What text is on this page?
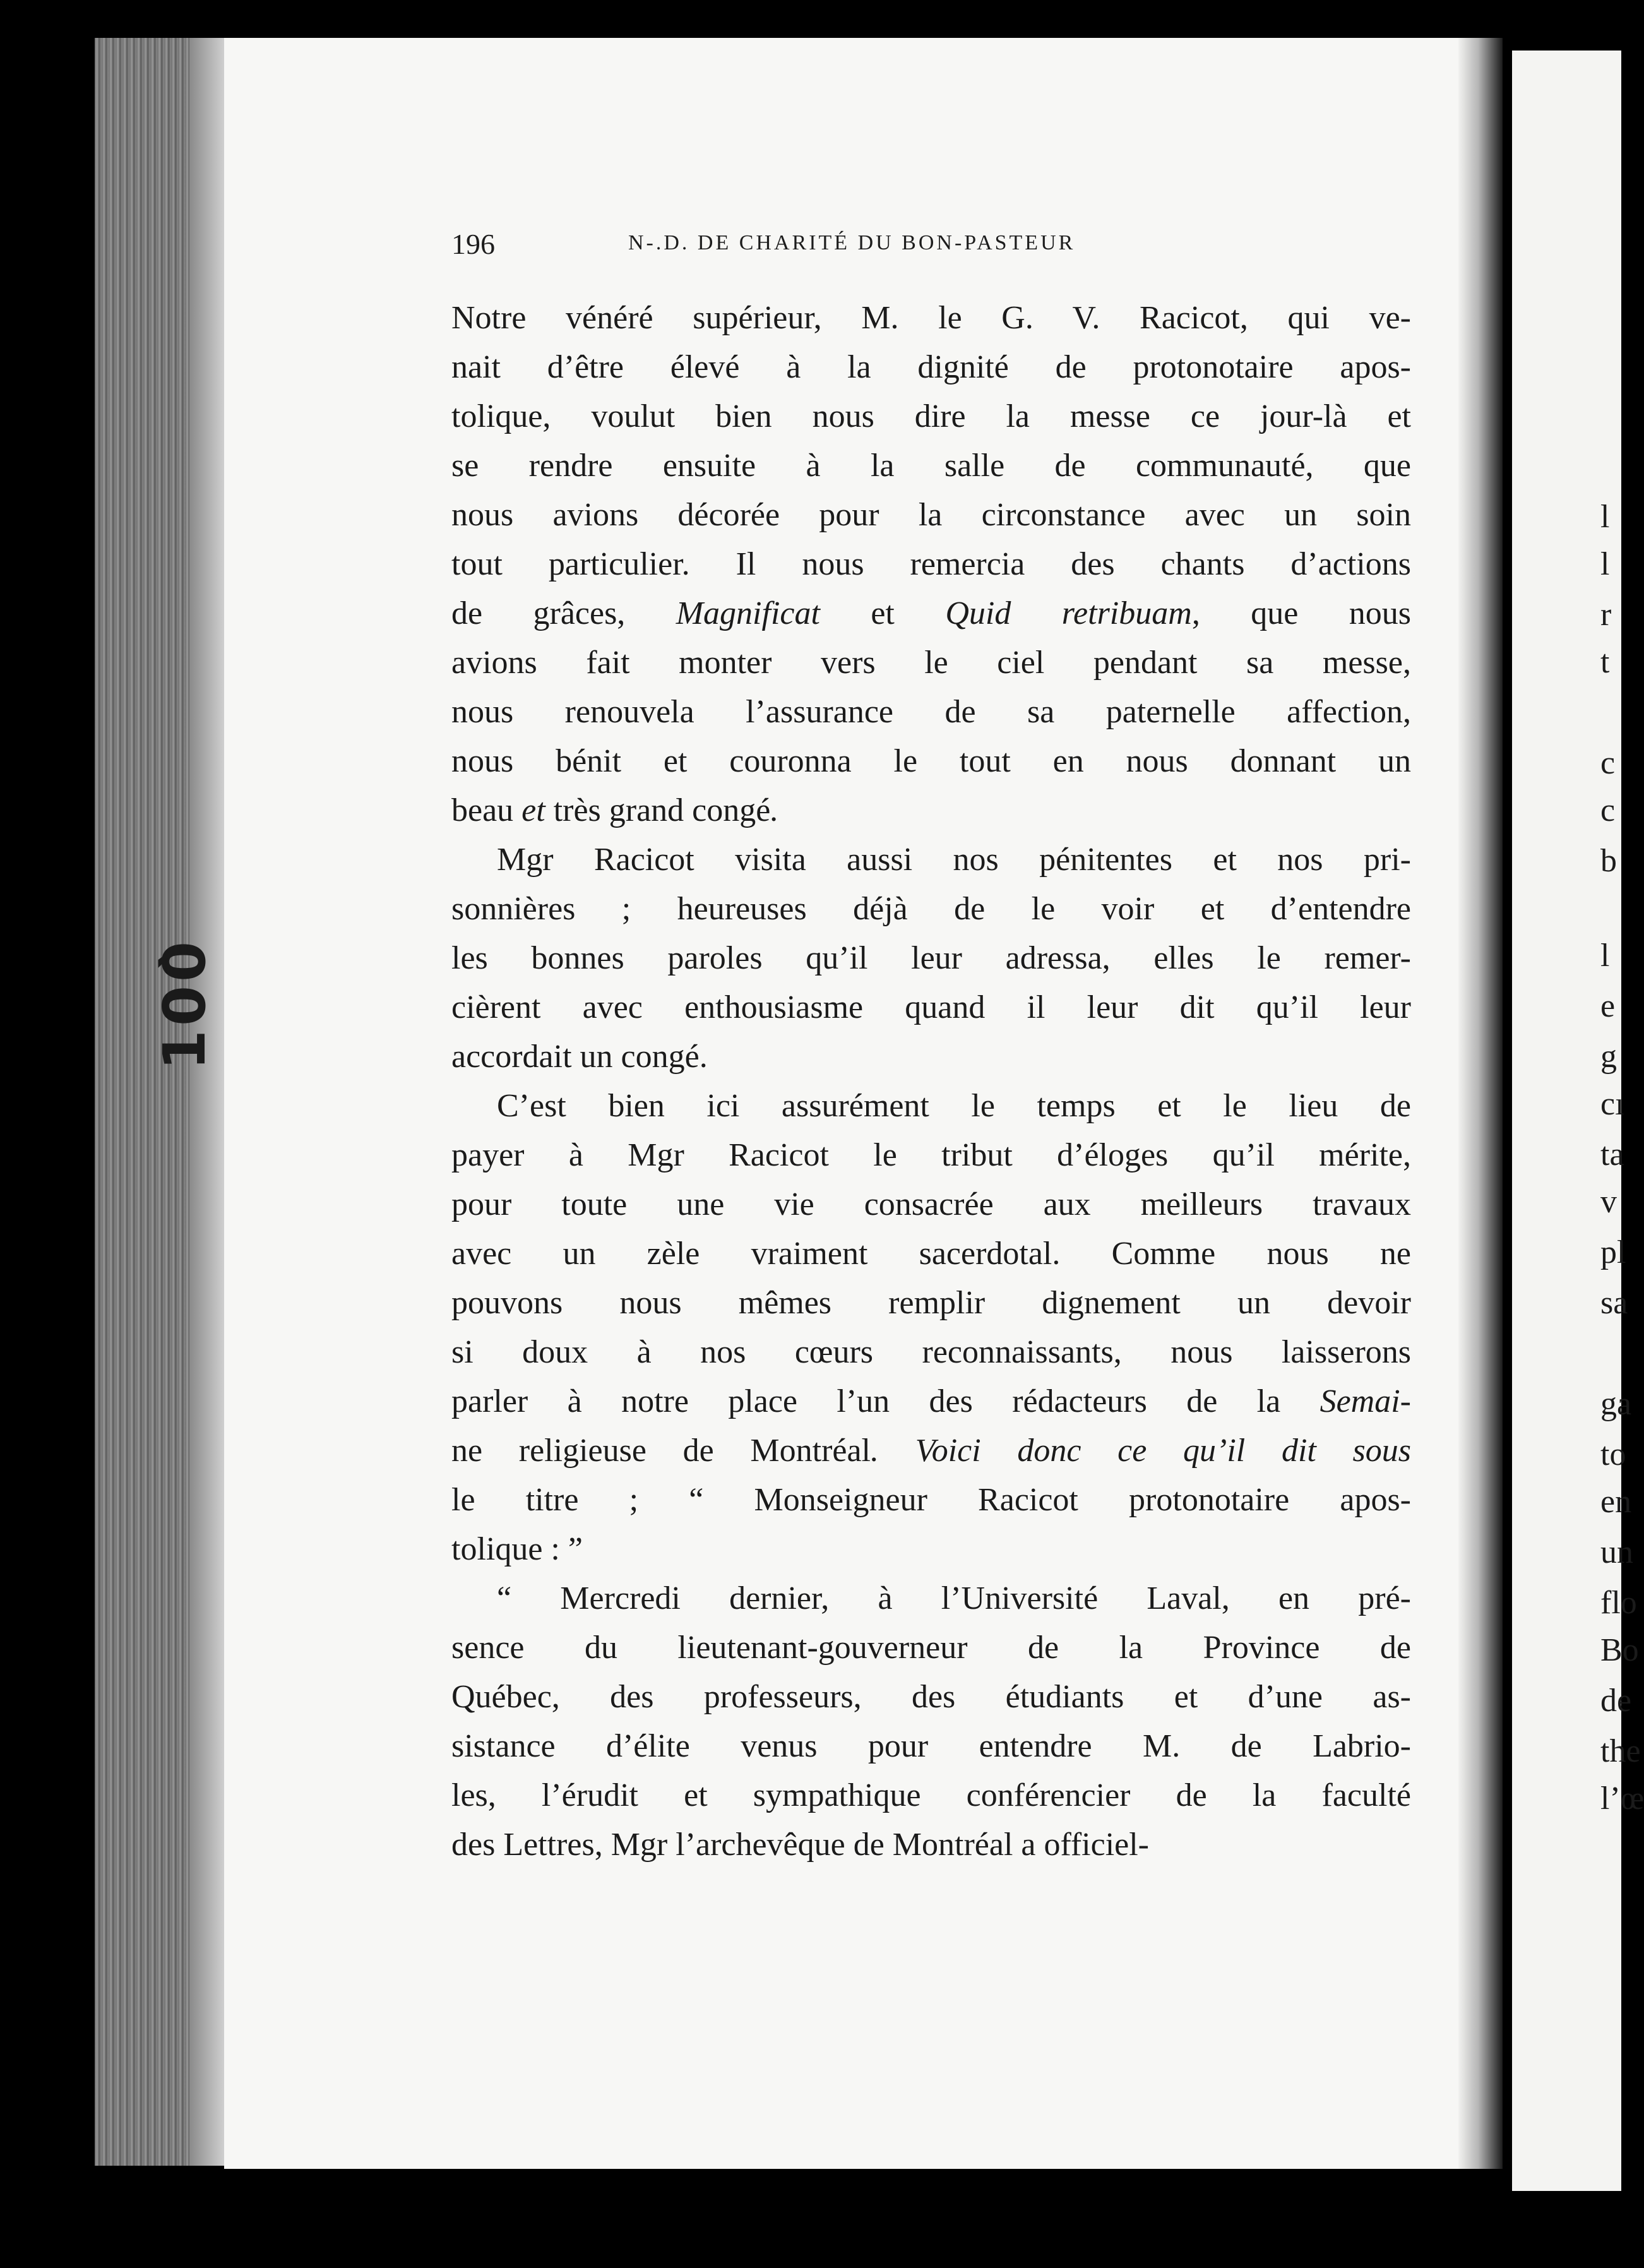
l
l
r
t
c
c
b
l
e
g
cı
ta
v
pl
sa
ga
to
en
un
flo
Bo
de
the
l’œ
100̀
196	N-.D. DE CHARITÉ DU BON-PASTEUR
Notre vénéré supérieur, M. le G. V. Racicot, qui ve-
nait d’être élevé à la dignité de protonotaire apos-
tolique, voulut bien nous dire la messe ce jour-là et
se rendre ensuite à la salle de communauté, que
nous avions décorée pour la circonstance avec un soin
tout particulier. Il nous remercia des chants d’actions
de grâces, Magnificat et Quid retribuam, que nous
avions fait monter vers le ciel pendant sa messe,
nous renouvela l’assurance de sa paternelle affection,
nous bénit et couronna le tout en nous donnant un
beau et très grand congé.
Mgr Racicot visita aussi nos pénitentes et nos pri-
sonnières ; heureuses déjà de le voir et d’entendre
les bonnes paroles qu’il leur adressa, elles le remer-
cièrent avec enthousiasme quand il leur dit qu’il leur
accordait un congé.
C’est bien ici assurément le temps et le lieu de
payer à Mgr Racicot le tribut d’éloges qu’il mérite,
pour toute une vie consacrée aux meilleurs travaux
avec un zèle vraiment sacerdotal. Comme nous ne
pouvons nous mêmes remplir dignement un devoir
si doux à nos cœurs reconnaissants, nous laisserons
parler à notre place l’un des rédacteurs de la Semai-
ne religieuse de Montréal. Voici donc ce qu’il dit sous
le titre ; “ Monseigneur Racicot protonotaire apos-
tolique : ”
“ Mercredi dernier, à l’Université Laval, en pré-
sence du lieutenant-gouverneur de la Province de
Québec, des professeurs, des étudiants et d’une as-
sistance d’élite venus pour entendre M. de Labrio-
les, l’érudit et sympathique conférencier de la faculté
des Lettres, Mgr l’archevêque de Montréal a officiel-
